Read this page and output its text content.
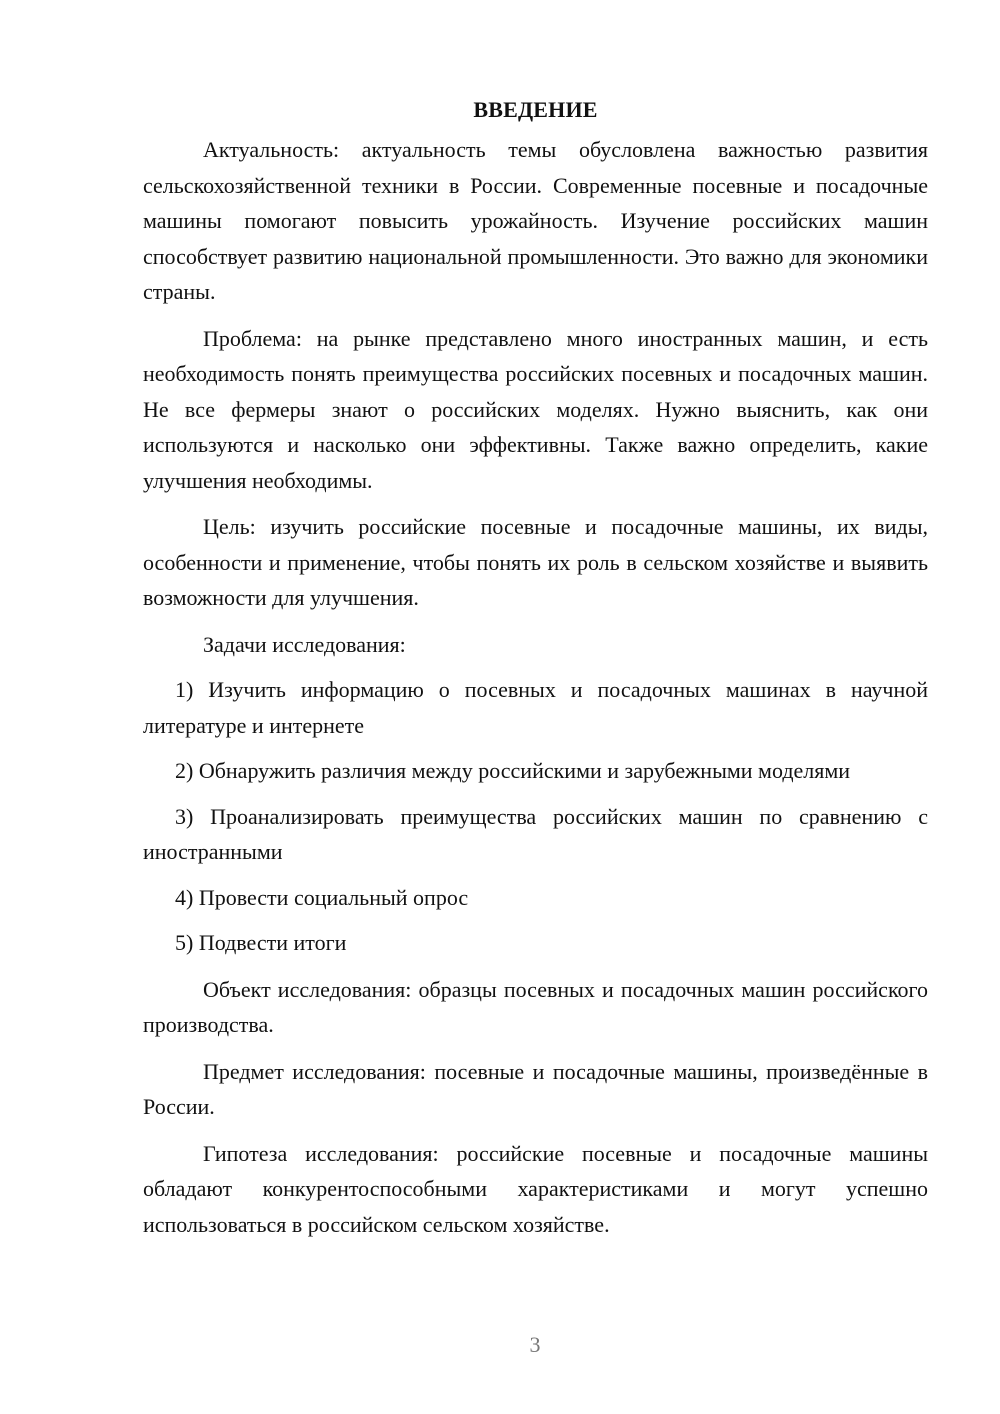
ВВЕДЕНИЕ

Актуальность: актуальность темы обусловлена важностью развития сельскохозяйственной техники в России. Современные посевные и посадочные машины помогают повысить урожайность. Изучение российских машин способствует развитию национальной промышленности. Это важно для экономики страны.

Проблема: на рынке представлено много иностранных машин, и есть необходимость понять преимущества российских посевных и посадочных машин. Не все фермеры знают о российских моделях. Нужно выяснить, как они используются и насколько они эффективны. Также важно определить, какие улучшения необходимы.

Цель: изучить российские посевные и посадочные машины, их виды, особенности и применение, чтобы понять их роль в сельском хозяйстве и выявить возможности для улучшения.

Задачи исследования:

1) Изучить информацию о посевных и посадочных машинах в научной литературе и интернете

2) Обнаружить различия между российскими и зарубежными моделями

3) Проанализировать преимущества российских машин по сравнению с иностранными

4) Провести социальный опрос

5) Подвести итоги

Объект исследования: образцы посевных и посадочных машин российского производства.

Предмет исследования: посевные и посадочные машины, произведённые в России.

Гипотеза исследования: российские посевные и посадочные машины обладают конкурентоспособными характеристиками и могут успешно использоваться в российском сельском хозяйстве.

3
